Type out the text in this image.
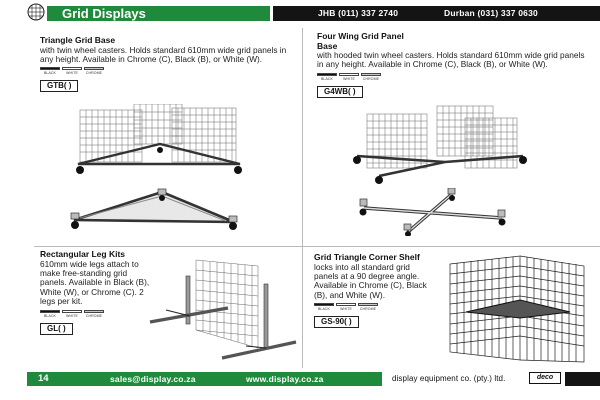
Grid Displays	JHB (011) 337 2740	Durban (031) 337 0630
Triangle Grid Base
with twin wheel casters. Holds standard 610mm wide grid panels in any height. Available in Chrome (C), Black (B), or White (W).
BLACK	WHITE CHROME
GTB( )
Four Wing Grid Panel Base
with hooded twin wheel casters. Holds standard 610mm wide grid panels in any height. Available in Chrome (C), Black (B), or White (W).
BLACK	WHITE CHROME
G4WB( )
Rectangular Leg Kits
610mm wide legs attach to make free-standing grid panels. Available in Black (B), White (W), or Chrome (C). 2 legs per kit.
BLACK	WHITE CHROME
GL( )
Grid Triangle Corner Shelf
locks into all standard grid panels at a 90 degree angle. Available in Chrome (C), Black (B), and White (W).
BLACK	WHITE CHROME
GS-90( )
14	sales@display.co.za	www.display.co.za	display equipment co. (pty.) ltd.	deco
